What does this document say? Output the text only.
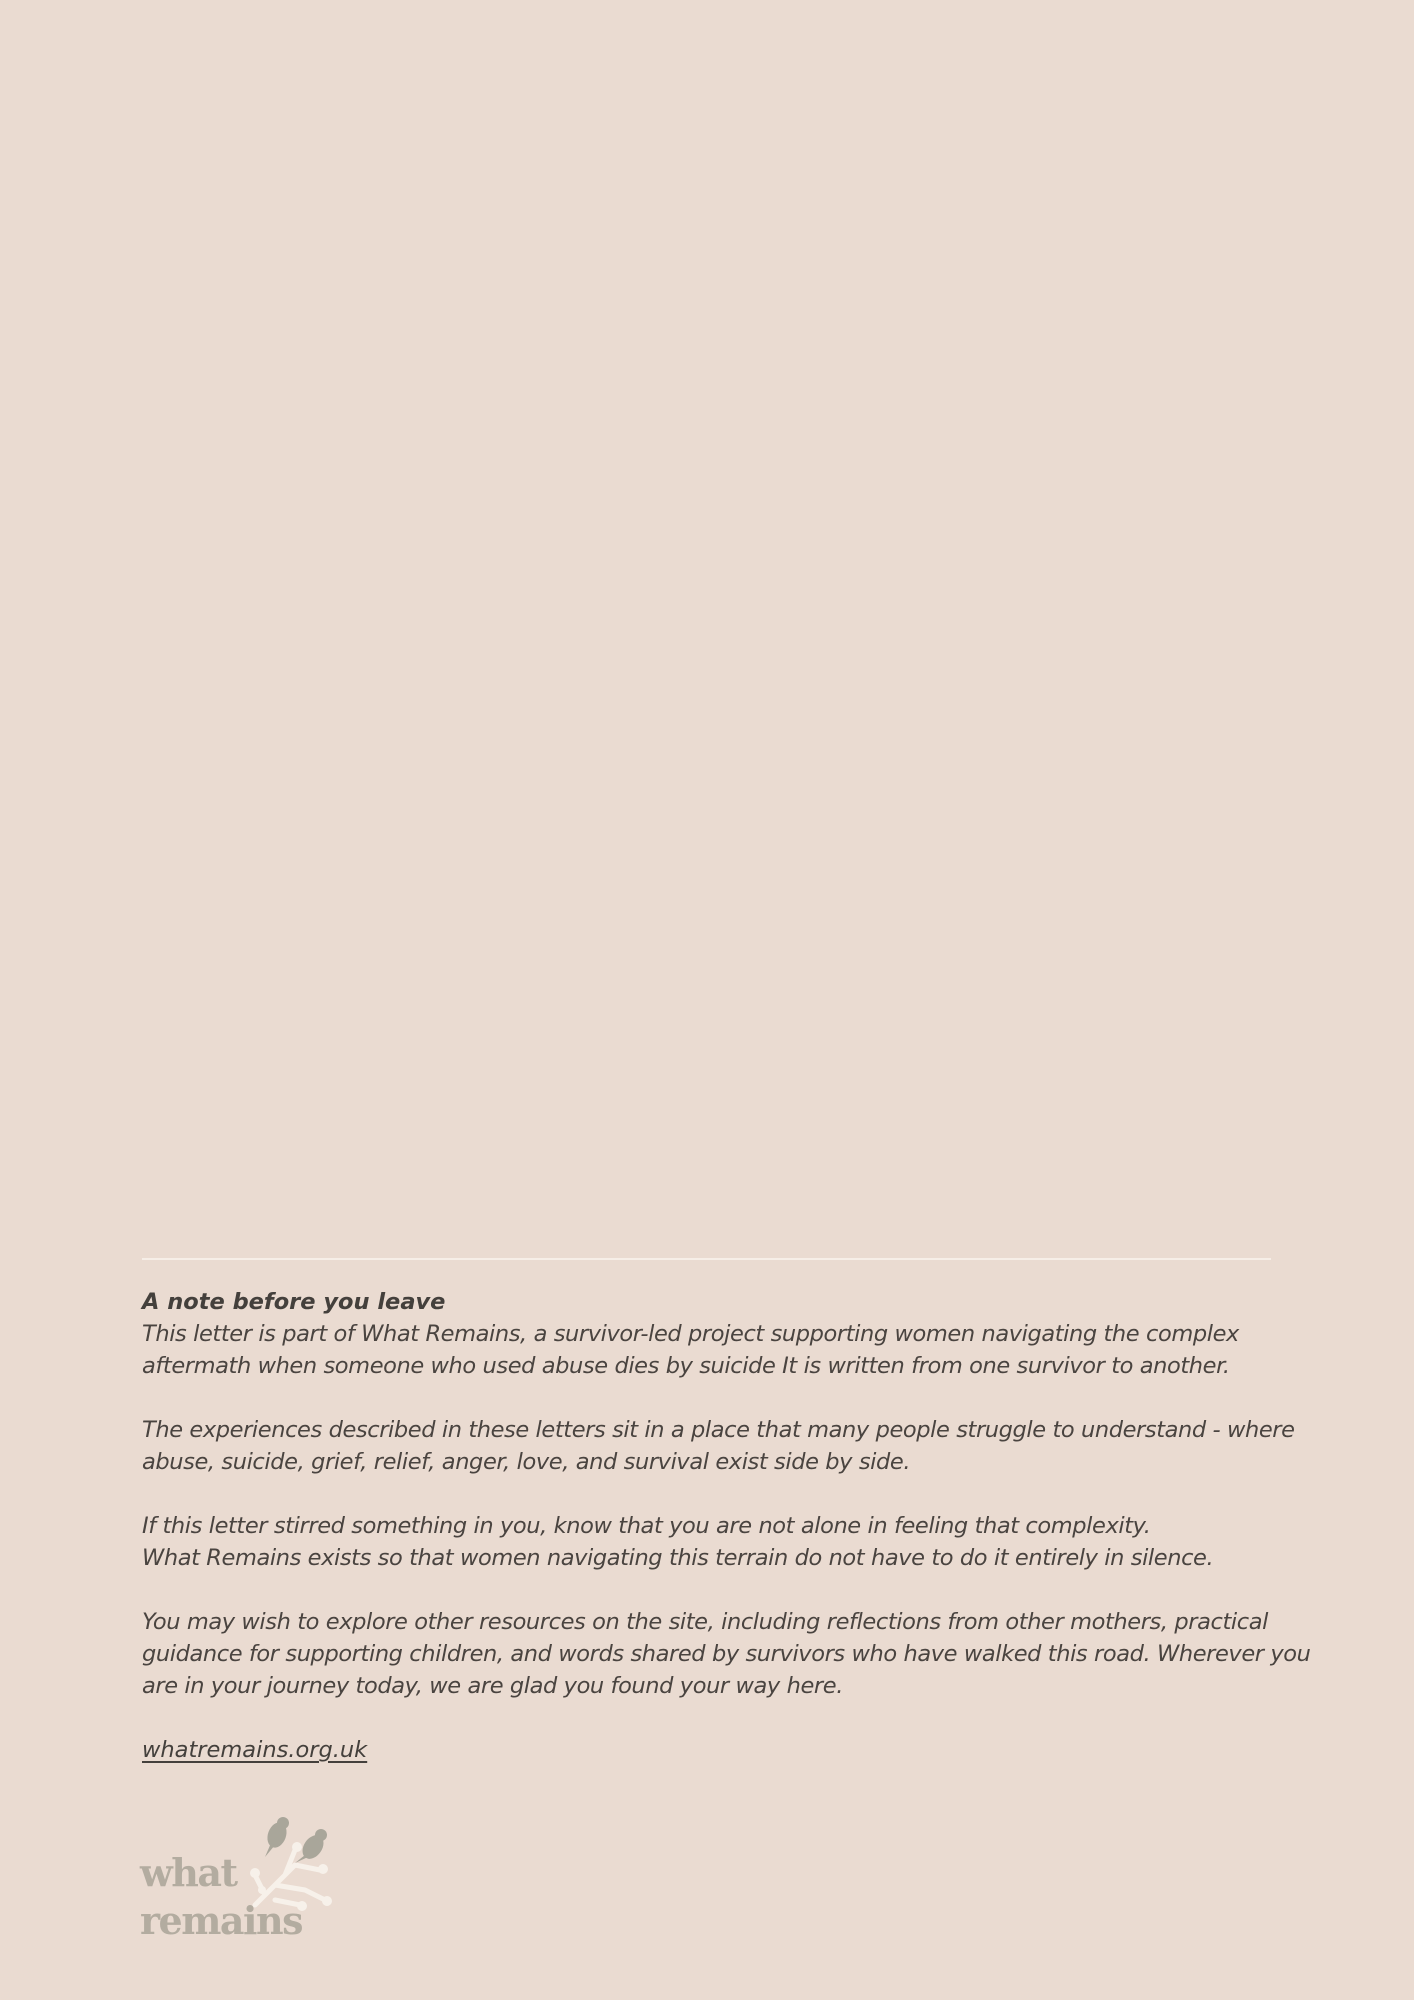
A note before you leave

This letter is part of What Remains, a survivor-led project supporting women navigating the complex
aftermath when someone who used abuse dies by suicide It is written from one survivor to another.

The experiences described in these letters sit in a place that many people struggle to understand - where
abuse, suicide, grief, relief, anger, love, and survival exist side by side.

If this letter stirred something in you, know that you are not alone in feeling that complexity.
What Remains exists so that women navigating this terrain do not have to do it entirely in silence.

You may wish to explore other resources on the site, including reflections from other mothers, practical
guidance for supporting children, and words shared by survivors who have walked this road. Wherever you
are in your journey today, we are glad you found your way here.

whatremains.org.uk
what
remains
